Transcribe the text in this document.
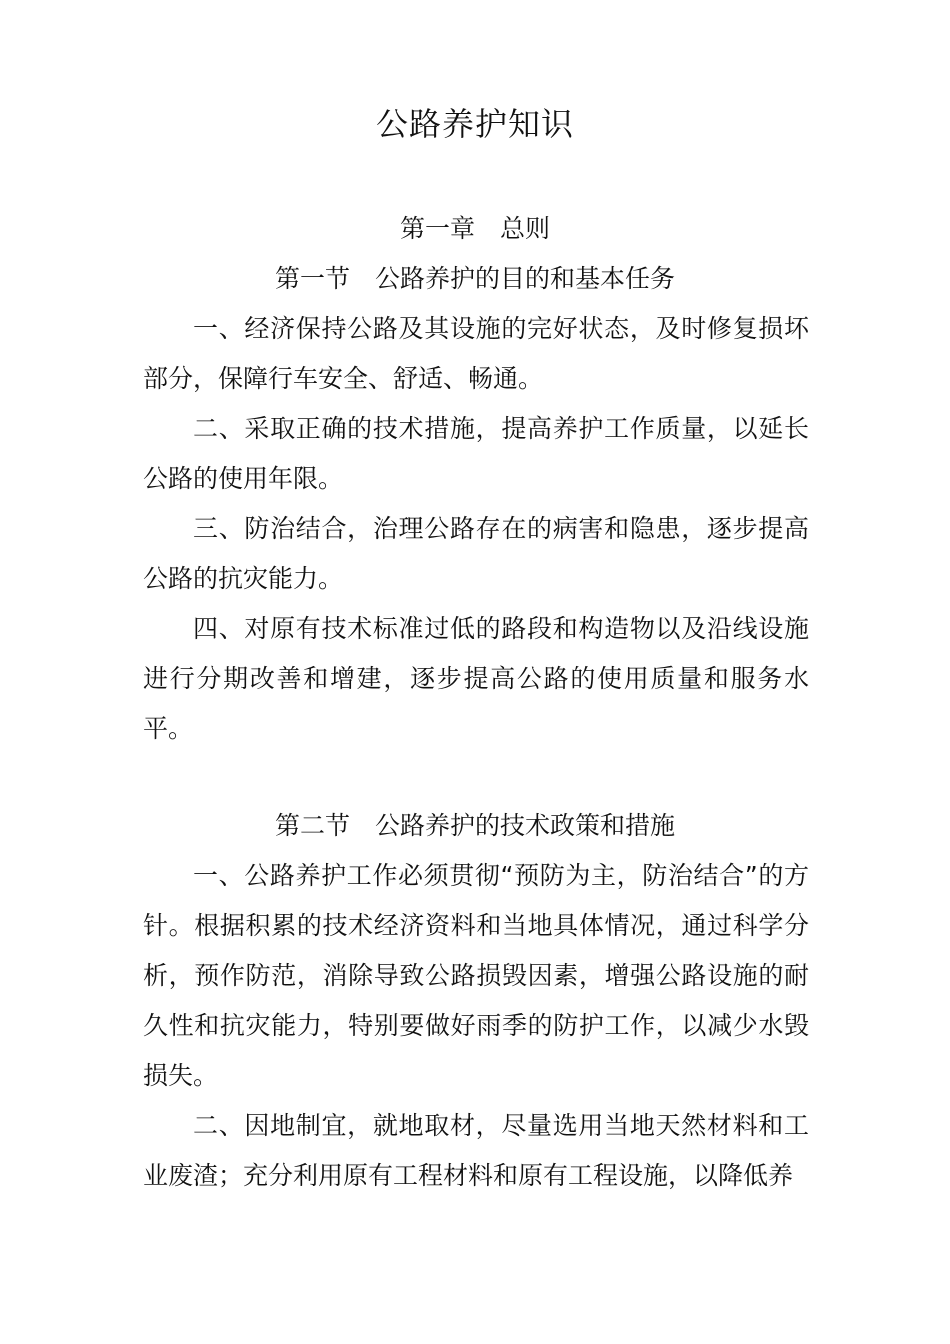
公路养护知识
第一章　总则
第一节　公路养护的目的和基本任务

一、经济保持公路及其设施的完好状态，及时修复损坏部分，保障行车安全、舒适、畅通。

二、采取正确的技术措施，提高养护工作质量，以延长公路的使用年限。

三、防治结合，治理公路存在的病害和隐患，逐步提高公路的抗灾能力。

四、对原有技术标准过低的路段和构造物以及沿线设施进行分期改善和增建，逐步提高公路的使用质量和服务水平。

第二节　公路养护的技术政策和措施

一、公路养护工作必须贯彻“预防为主，防治结合”的方针。根据积累的技术经济资料和当地具体情况，通过科学分析，预作防范，消除导致公路损毁因素，增强公路设施的耐久性和抗灾能力，特别要做好雨季的防护工作，以减少水毁损失。

二、因地制宜，就地取材，尽量选用当地天然材料和工业废渣；充分利用原有工程材料和原有工程设施，以降低养
